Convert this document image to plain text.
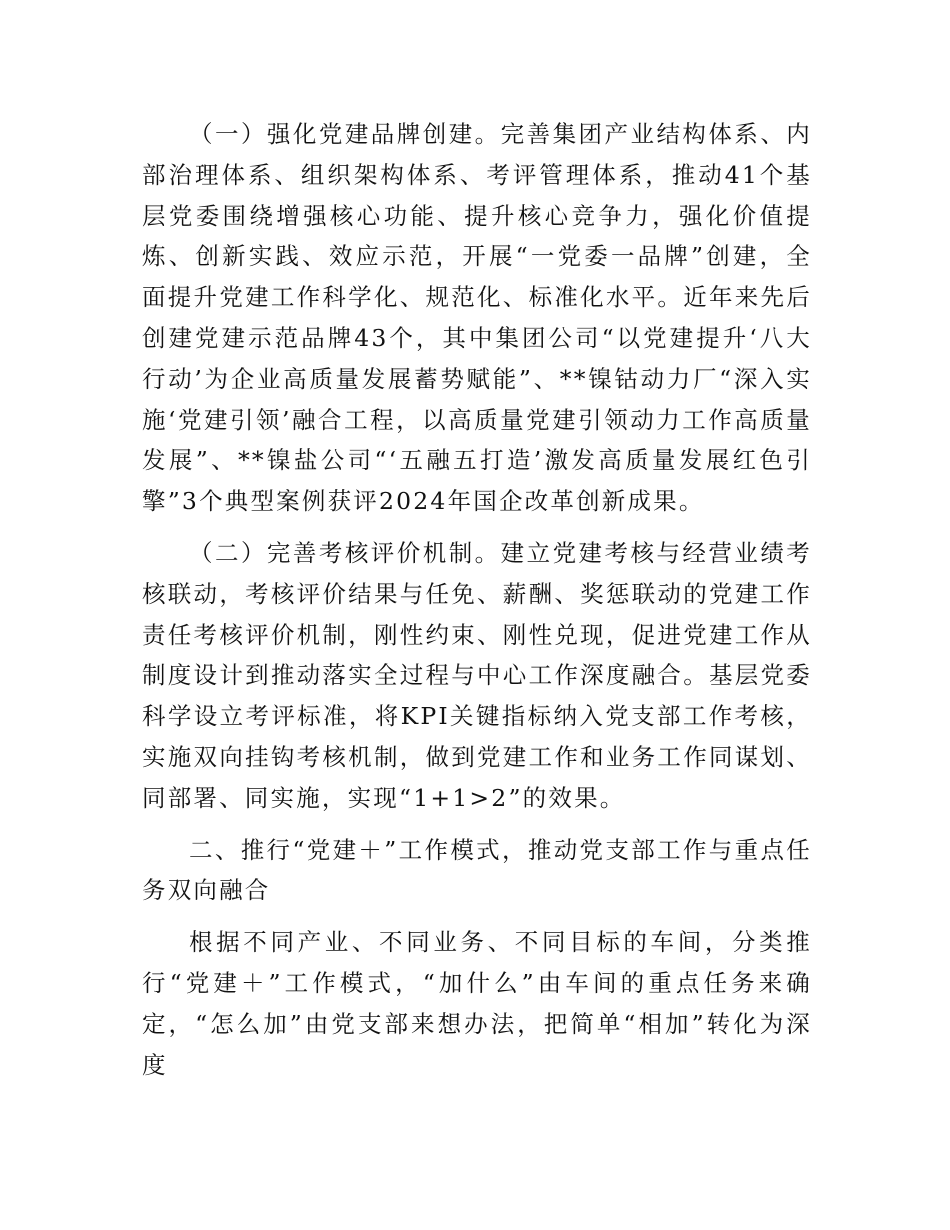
（一）强化党建品牌创建。完善集团产业结构体系、内部治理体系、组织架构体系、考评管理体系，推动41个基层党委围绕增强核心功能、提升核心竞争力，强化价值提炼、创新实践、效应示范，开展“一党委一品牌”创建，全面提升党建工作科学化、规范化、标准化水平。近年来先后创建党建示范品牌43个，其中集团公司“以党建提升‘八大行动’为企业高质量发展蓄势赋能”、**镍钴动力厂“深入实施‘党建引领’融合工程，以高质量党建引领动力工作高质量发展”、**镍盐公司“‘五融五打造’激发高质量发展红色引擎”3个典型案例获评2024年国企改革创新成果。

（二）完善考核评价机制。建立党建考核与经营业绩考核联动，考核评价结果与任免、薪酬、奖惩联动的党建工作责任考核评价机制，刚性约束、刚性兑现，促进党建工作从制度设计到推动落实全过程与中心工作深度融合。基层党委科学设立考评标准，将KPI关键指标纳入党支部工作考核，实施双向挂钩考核机制，做到党建工作和业务工作同谋划、同部署、同实施，实现“1+1>2”的效果。

二、推行“党建＋”工作模式，推动党支部工作与重点任务双向融合

根据不同产业、不同业务、不同目标的车间，分类推行“党建＋”工作模式，“加什么”由车间的重点任务来确定，“怎么加”由党支部来想办法，把简单“相加”转化为深度
